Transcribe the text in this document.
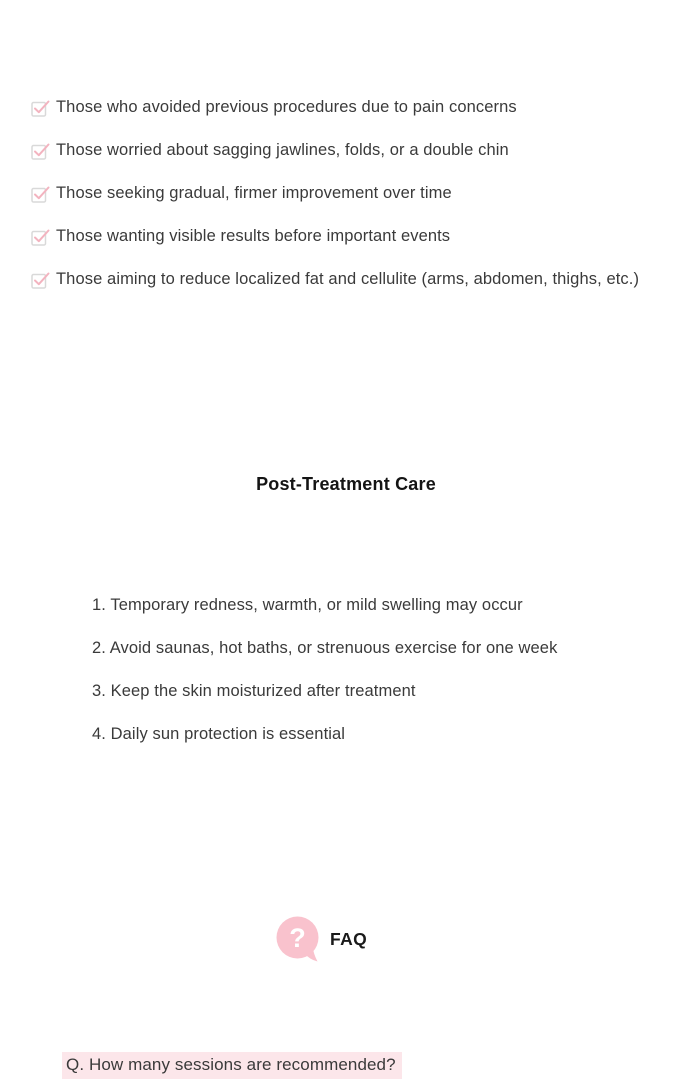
Those who avoided previous procedures due to pain concerns
Those worried about sagging jawlines, folds, or a double chin
Those seeking gradual, firmer improvement over time
Those wanting visible results before important events
Those aiming to reduce localized fat and cellulite (arms, abdomen, thighs, etc.)
Post-Treatment Care
1. Temporary redness, warmth, or mild swelling may occur
2. Avoid saunas, hot baths, or strenuous exercise for one week
3. Keep the skin moisturized after treatment
4. Daily sun protection is essential
? FAQ
Q. How many sessions are recommended?
